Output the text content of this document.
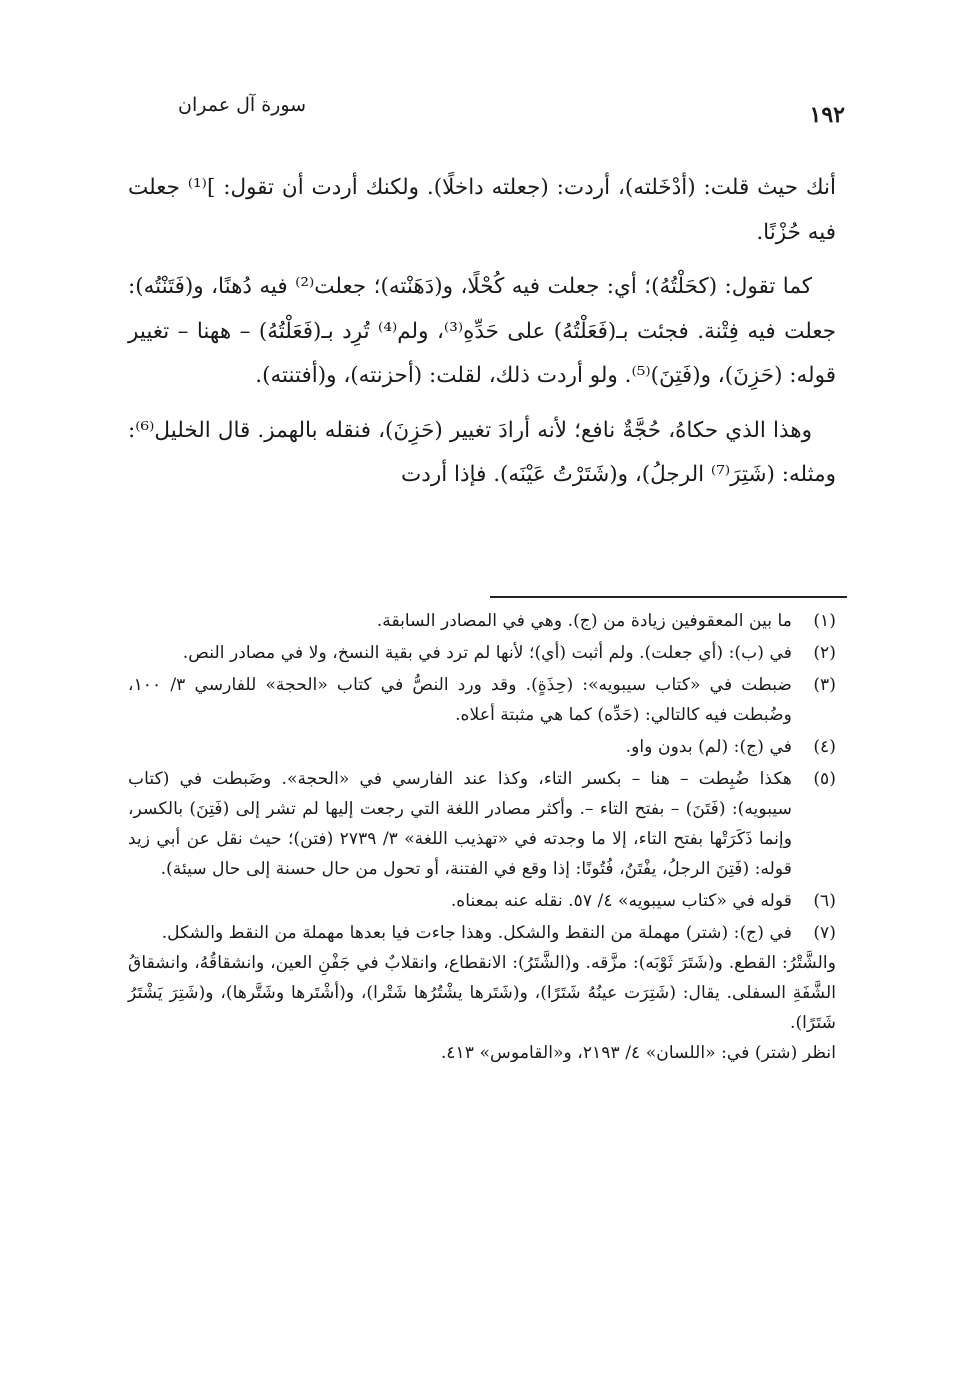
سورة آل عمران	١٩٢

أنك حيث قلت: (أدْخَلته)، أردت: (جعلته داخلًا). ولكنك أردت أن تقول: ]⁽¹⁾ جعلت فيه حُزْنًا.

كما تقول: (كحَلْتُهُ)؛ أي: جعلت فيه كُحْلًا، و(دَهَنْته)؛ جعلت⁽²⁾ فيه دُهنًا، و(فَتَنْتُه): جعلت فيه فِتْنة. فجئت بـ(فَعَلْتُهُ) على حَدِّهِ⁽³⁾، ولم⁽⁴⁾ تُرِد بـ(فَعَلْتُهُ) – ههنا – تغيير قوله: (حَزِنَ)، و(فَتِنَ)⁽⁵⁾. ولو أردت ذلك، لقلت: (أحزنته)، و(أفتنته).

وهذا الذي حكاهُ، حُجَّةٌ نافع؛ لأنه أرادَ تغيير (حَزِنَ)، فنقله بالهمز. قال الخليل⁽⁶⁾: ومثله: (شَتِرَ⁽⁷⁾ الرجلُ)، و(شَتَرْتُ عَيْنَه). فإذا أردت

(١)
ما بين المعقوفين زيادة من (ج). وهي في المصادر السابقة.
(٢)
في (ب): (أي جعلت). ولم أثبت (أي)؛ لأنها لم ترد في بقية النسخ، ولا في مصادر النص.
(٣)
ضبطت في «كتاب سيبويه»: (حِذَةٍ). وقد ورد النصُّ في كتاب «الحجة» للفارسي ٣/ ١٠٠، وضُبطت فيه كالتالي: (حَدِّه) كما هي مثبتة أعلاه.
(٤)
في (ج): (لم) بدون واو.
(٥)
هكذا ضُبِطت – هنا – بكسر التاء، وكذا عند الفارسي في «الحجة». وضَبطت في (كتاب سيبويه): (فَتَنَ) – بفتح التاء –. وأكثر مصادر اللغة التي رجعت إليها لم تشر إلى (فَتِنَ) بالكسر، وإنما ذَكَرَتْها بفتح التاء، إلا ما وجدته في «تهذيب اللغة» ٣/ ٢٧٣٩ (فتن)؛ حيث نقل عن أبي زيد قوله: (فَتِنَ الرجلُ، يفْتَنُ، فُتُونًا: إذا وقع في الفتنة، أو تحول من حال حسنة إلى حال سيئة).
(٦)
قوله في «كتاب سيبويه» ٤/ ٥٧. نقله عنه بمعناه.
(٧)
في (ج): (شتر) مهملة من النقط والشكل. وهذا جاءت فيا بعدها مهملة من النقط والشكل.

والشَّتْرُ: القطع. و(شَتَرَ ثَوْبَه): مزَّقه. و(الشَّتَرُ): الانقطاع، وانقلابٌ في جَفْنِ العين، وانشقاقُهُ، وانشقاقُ الشَّفَةِ السفلى. يقال: (شَتِرَت عينُهُ شَتَرًا)، و(شَتَرها يشْتُرُها شَتْرا)، و(أشْتَرها وشَتَّرها)، و(شَتِرَ يَشْتَرُ شَتَرًا).

انظر (شتر) في: «اللسان» ٤/ ٢١٩٣، و«القاموس» ٤١٣.
